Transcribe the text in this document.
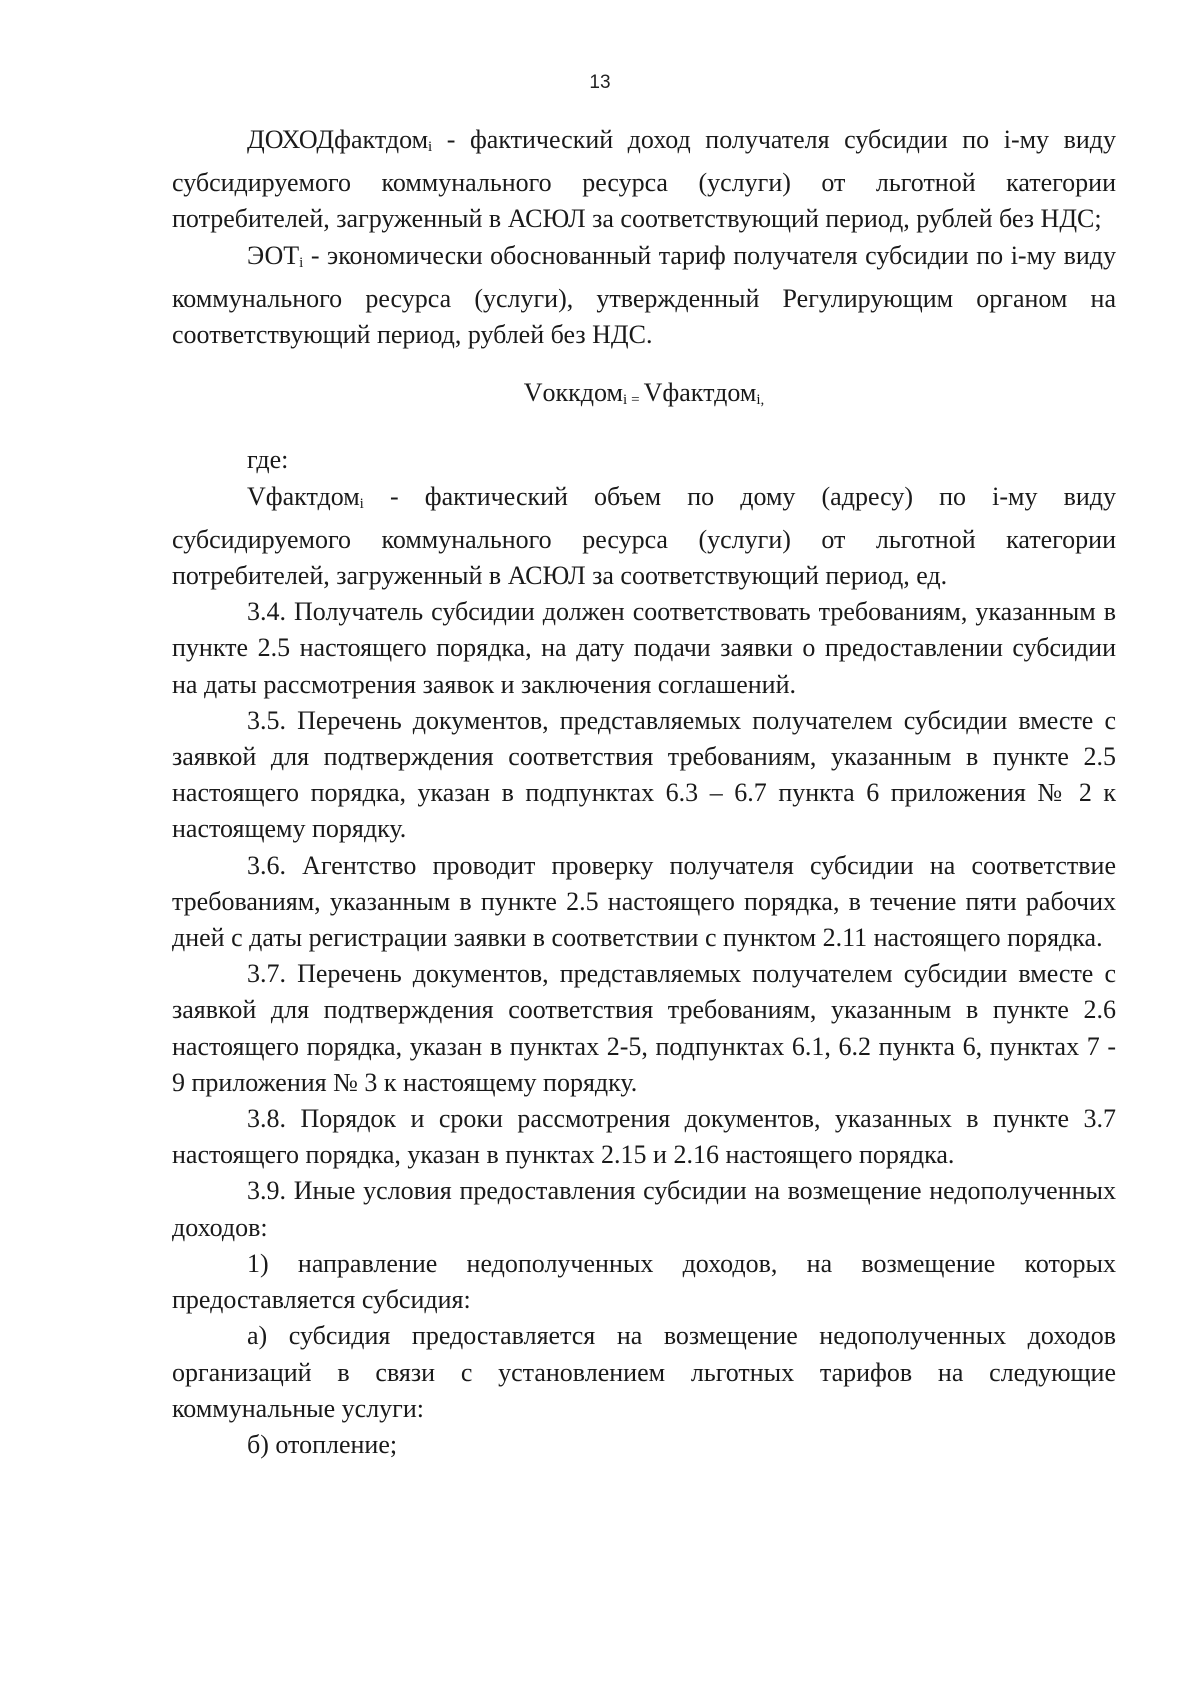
13

ДОХОДфактдом$_i$ - фактический доход получателя субсидии по i-му виду субсидируемого коммунального ресурса (услуги) от льготной категории потребителей, загруженный в АСЮЛ за соответствующий период, рублей без НДС;

$ЭОТ_i$ - экономически обоснованный тариф получателя субсидии по i-му виду коммунального ресурса (услуги), утвержденный Регулирующим органом на соответствующий период, рублей без НДС.

Vоккдом$_i$ = Vфактдом$_{i,}$

где:

Vфактдом$_i$ - фактический объем по дому (адресу) по i-му виду субсидируемого коммунального ресурса (услуги) от льготной категории потребителей, загруженный в АСЮЛ за соответствующий период, ед.

3.4. Получатель субсидии должен соответствовать требованиям, указанным в пункте 2.5 настоящего порядка, на дату подачи заявки о предоставлении субсидии на даты рассмотрения заявок и заключения соглашений.

3.5. Перечень документов, представляемых получателем субсидии вместе с заявкой для подтверждения соответствия требованиям, указанным в пункте 2.5 настоящего порядка, указан в подпунктах 6.3 – 6.7 пункта 6 приложения № 2 к настоящему порядку.

3.6. Агентство проводит проверку получателя субсидии на соответствие требованиям, указанным в пункте 2.5 настоящего порядка, в течение пяти рабочих дней с даты регистрации заявки в соответствии с пунктом 2.11 настоящего порядка.

3.7. Перечень документов, представляемых получателем субсидии вместе с заявкой для подтверждения соответствия требованиям, указанным в пункте 2.6 настоящего порядка, указан в пунктах 2-5, подпунктах 6.1, 6.2 пункта 6, пунктах 7 - 9 приложения № 3 к настоящему порядку.

3.8. Порядок и сроки рассмотрения документов, указанных в пункте 3.7 настоящего порядка, указан в пунктах 2.15 и 2.16 настоящего порядка.

3.9. Иные условия предоставления субсидии на возмещение недополученных доходов:

1) направление недополученных доходов, на возмещение которых предоставляется субсидия:

а) субсидия предоставляется на возмещение недополученных доходов организаций в связи с установлением льготных тарифов на следующие коммунальные услуги:

б) отопление;
